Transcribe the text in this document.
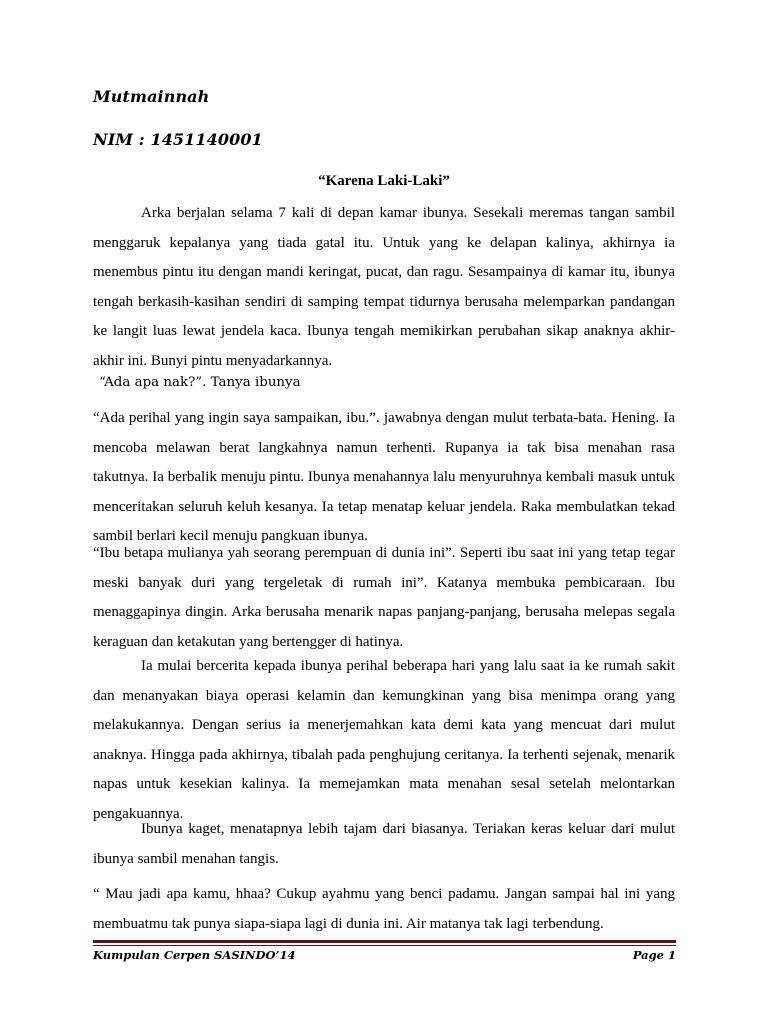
Mutmainnah
NIM : 1451140001
“Karena Laki-Laki”

Arka berjalan selama 7 kali di depan kamar ibunya. Sesekali meremas tangan sambil menggaruk kepalanya yang tiada gatal itu. Untuk yang ke delapan kalinya, akhirnya ia menembus pintu itu dengan mandi keringat, pucat, dan ragu. Sesampainya di kamar itu, ibunya tengah berkasih-kasihan sendiri di samping tempat tidurnya berusaha melemparkan pandangan ke langit luas lewat jendela kaca. Ibunya tengah memikirkan perubahan sikap anaknya akhir-akhir ini. Bunyi pintu menyadarkannya.

“Ada apa nak?”. Tanya ibunya

“Ada perihal yang ingin saya sampaikan, ibu.”. jawabnya dengan mulut terbata-bata. Hening. Ia mencoba melawan berat langkahnya namun terhenti. Rupanya ia tak bisa menahan rasa takutnya. Ia berbalik menuju pintu. Ibunya menahannya lalu menyuruhnya kembali masuk untuk menceritakan seluruh keluh kesanya. Ia tetap menatap keluar jendela. Raka membulatkan tekad sambil berlari kecil menuju pangkuan ibunya.

“Ibu betapa mulianya yah seorang perempuan di dunia ini”. Seperti ibu saat ini yang tetap tegar meski banyak duri yang tergeletak di rumah ini”. Katanya membuka pembicaraan. Ibu menaggapinya dingin. Arka berusaha menarik napas panjang-panjang, berusaha melepas segala keraguan dan ketakutan yang bertengger di hatinya.

Ia mulai bercerita kepada ibunya perihal beberapa hari yang lalu saat ia ke rumah sakit dan menanyakan biaya operasi kelamin dan kemungkinan yang bisa menimpa orang yang melakukannya. Dengan serius ia menerjemahkan kata demi kata yang mencuat dari mulut anaknya. Hingga pada akhirnya, tibalah pada penghujung ceritanya. Ia terhenti sejenak, menarik napas untuk kesekian kalinya. Ia memejamkan mata menahan sesal setelah melontarkan pengakuannya.

Ibunya kaget, menatapnya lebih tajam dari biasanya. Teriakan keras keluar dari mulut ibunya sambil menahan tangis.

“ Mau jadi apa kamu, hhaa? Cukup ayahmu yang benci padamu. Jangan sampai hal ini yang membuatmu tak punya siapa-siapa lagi di dunia ini. Air matanya tak lagi terbendung.

Kumpulan Cerpen SASINDO’14	Page 1
